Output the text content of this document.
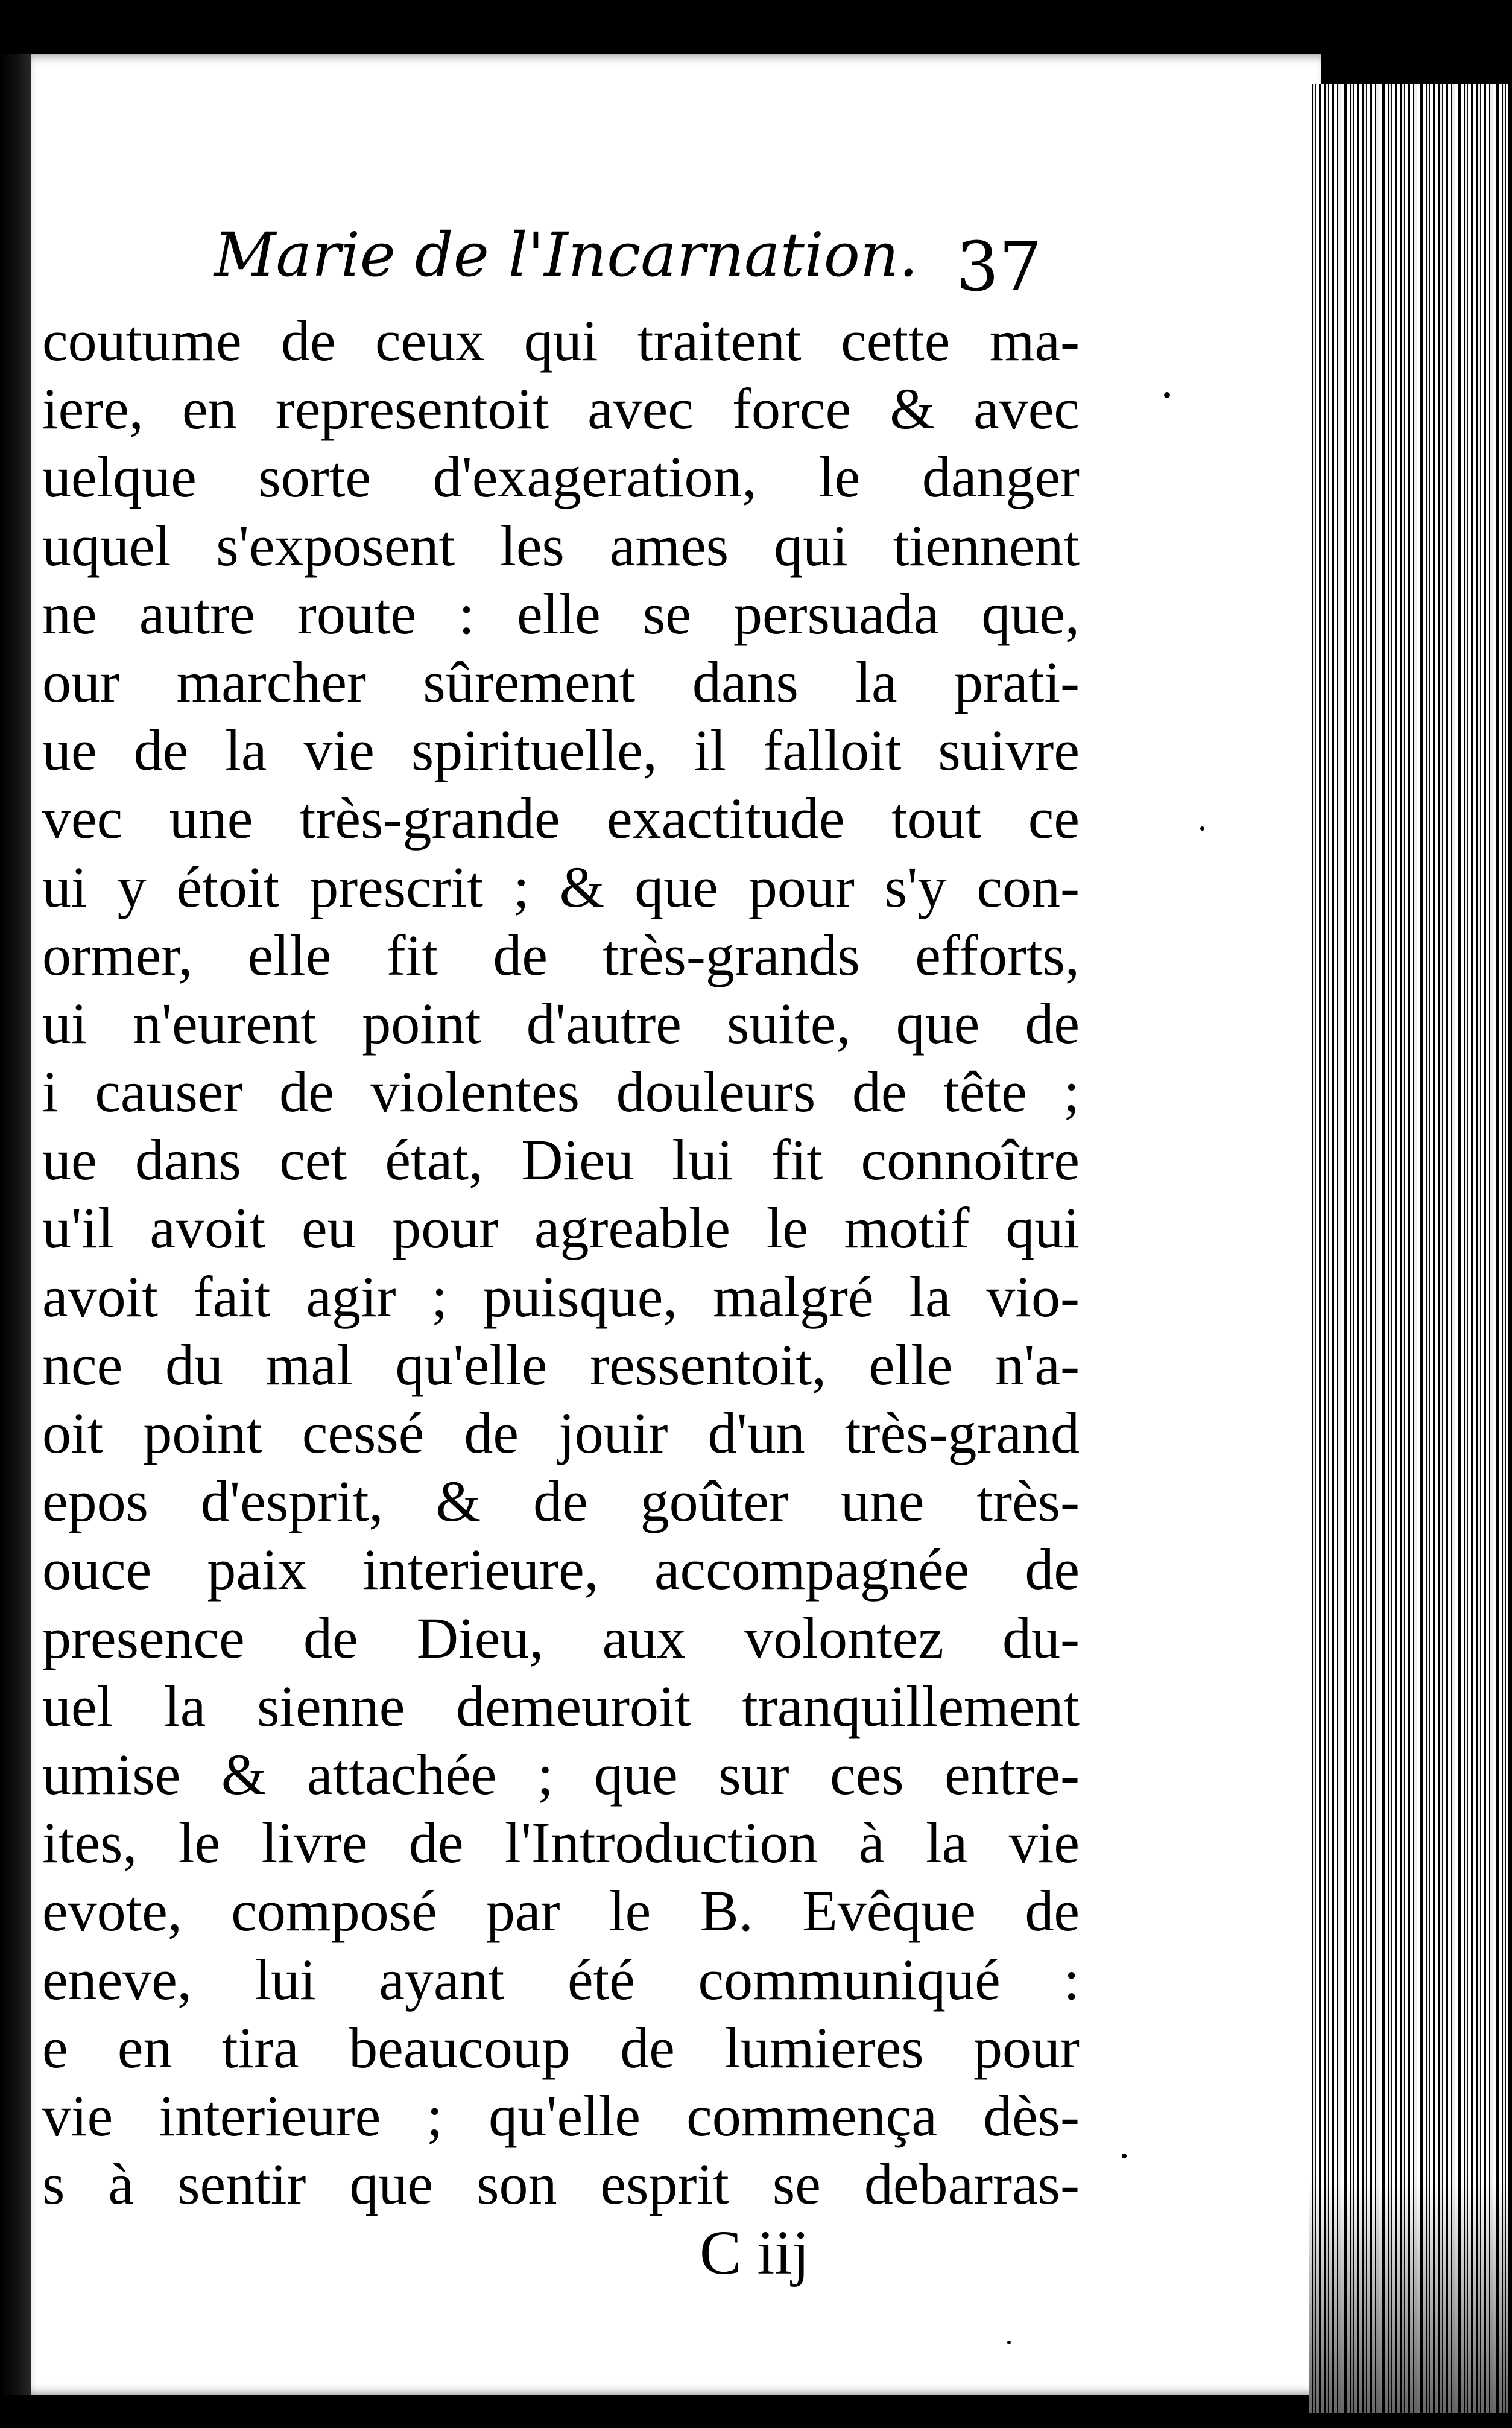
Marie de l'Incarnation. 37
coutume de ceux qui traitent cette ma-
iere, en representoit avec force & avec
uelque sorte d'exageration, le danger
uquel s'exposent les ames qui tiennent
ne autre route : elle se persuada que,
our marcher sûrement dans la prati-
ue de la vie spirituelle, il falloit suivre
vec une très-grande exactitude tout ce
ui y étoit prescrit ; & que pour s'y con-
ormer, elle fit de très-grands efforts,
ui n'eurent point d'autre suite, que de
i causer de violentes douleurs de tête ;
ue dans cet état, Dieu lui fit connoître
u'il avoit eu pour agreable le motif qui
avoit fait agir ; puisque, malgré la vio-
nce du mal qu'elle ressentoit, elle n'a-
oit point cessé de jouir d'un très-grand
epos d'esprit, & de goûter une très-
ouce paix interieure, accompagnée de
presence de Dieu, aux volontez du-
uel la sienne demeuroit tranquillement
umise & attachée ; que sur ces entre-
ites, le livre de l'Introduction à la vie
evote, composé par le B. Evêque de
eneve, lui ayant été communiqué :
e en tira beaucoup de lumieres pour
vie interieure ; qu'elle commença dès-
s à sentir que son esprit se debarras-
C iij
